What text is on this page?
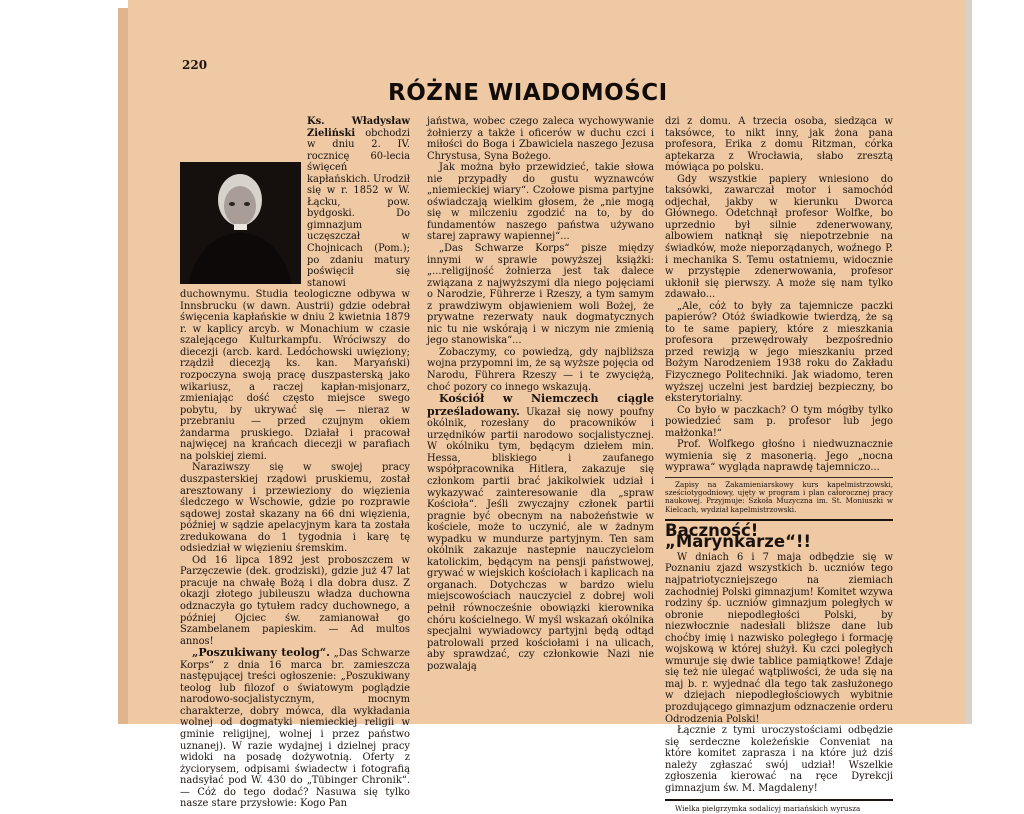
220
RÓŻNE WIADOMOŚCI

Ks. Władysław Zieliński obchodzi w dniu 2. IV. rocznicę 60-lecia święceń kapłańskich. Urodził się w r. 1852 w W. Łącku, pow. bydgoski. Do gimnazjum uczęszczał w Chojnicach (Pom.); po zdaniu matury poświęcił się stanowi duchownymu. Studia teologiczne odbywa w Innsbrucku (w dawn. Austrii) gdzie odebrał święcenia kapłańskie w dniu 2 kwietnia 1879 r. w kaplicy arcyb. w Monachium w czasie szalejącego Kulturkampfu. Wróciwszy do diecezji (arcb. kard. Ledóchowski uwięziony; rządził diecezją ks. kan. Maryański) rozpoczyna swoją pracę duszpasterską jako wikariusz, a raczej kapłan-misjonarz, zmieniając dość często miejsce swego pobytu, by ukrywać się — nieraz w przebraniu — przed czujnym okiem żandarma pruskiego. Działał i pracował najwięcej na krańcach diecezji w parafiach na polskiej ziemi.

Naraziwszy się w swojej pracy duszpasterskiej rządowi pruskiemu, został aresztowany i przewieziony do więzienia śledczego w Wschowie, gdzie po rozprawie sądowej został skazany na 66 dni więzienia, później w sądzie apelacyjnym kara ta została zredukowana do 1 tygodnia i karę tę odsiedział w więzieniu śremskim.

Od 16 lipca 1892 jest proboszczem w Parzęczewie (dek. grodziski), gdzie już 47 lat pracuje na chwałę Bożą i dla dobra dusz. Z okazji złotego jubileuszu władza duchowna odznaczyła go tytułem radcy duchownego, a później Ojciec św. zamianował go Szambelanem papieskim. — Ad multos annos!

„Poszukiwany teolog“. „Das Schwarze Korps“ z dnia 16 marca br. zamieszcza następującej treści ogłoszenie: „Poszukiwany teolog lub filozof o światowym poglądzie narodowo-socjalistycznym, mocnym charakterze, dobry mówca, dla wykładania wolnej od dogmatyki niemieckiej religii w gminie religijnej, wolnej i przez państwo uznanej). W razie wydajnej i dzielnej pracy widoki na posadę dożywotnią. Oferty z życiorysem, odpisami świadectw i fotografią nadsyłać pod W. 430 do „Tübinger Chronik“. — Cóż do tego dodać? Nasuwa się tylko nasze stare przysłowie: Kogo Pan

jaństwa, wobec czego zaleca wychowywanie żołnierzy a także i oficerów w duchu czci i miłości do Boga i Zbawiciela naszego Jezusa Chrystusa, Syna Bożego.

Jak można było przewidzieć, takie słowa nie przypadły do gustu wyznawców „niemieckiej wiary“. Czołowe pisma partyjne oświadczają wielkim głosem, że „nie mogą się w milczeniu zgodzić na to, by do fundamentów naszego państwa używano starej zaprawy wapiennej“...

„Das Schwarze Korps“ pisze między innymi w sprawie powyższej książki: „...religijność żołnierza jest tak dalece związana z najwyższymi dla niego pojęciami o Narodzie, Führerze i Rzeszy, a tym samym z prawdziwym objawieniem woli Bożej, że prywatne rezerwaty nauk dogmatycznych nic tu nie wskórają i w niczym nie zmienią jego stanowiska“...

Zobaczymy, co powiedzą, gdy najbliższa wojna przypomni im, że są wyższe pojęcia od Narodu, Führera Rzeszy — i te zwyciężą, choć pozory co innego wskazują.

Kościół w Niemczech ciągle prześladowany. Ukazał się nowy poufny okólnik, rozesłany do pracowników i urzędników partii narodowo socjalistycznej. W okólniku tym, będącym dziełem min. Hessa, bliskiego i zaufanego współpracownika Hitlera, zakazuje się członkom partii brać jakikolwiek udział i wykazywać zainteresowanie dla „spraw Kościoła“. Jeśli zwyczajny członek partii pragnie być obecnym na nabożeństwie w kościele, może to uczynić, ale w żadnym wypadku w mundurze partyjnym. Ten sam okólnik zakazuje nastepnie nauczycielom katolickim, będącym na pensji państwowej, grywać w wiejskich kościołach i kaplicach na organach. Dotychczas w bardzo wielu miejscowościach nauczyciel z dobrej woli pełnił równocześnie obowiązki kierownika chóru kościelnego. W myśl wskazań okólnika specjalni wywiadowcy partyjni będą odtąd patrolowali przed kościołami i na ulicach, aby sprawdzać, czy członkowie Nazi nie pozwalają

dzi z domu. A trzecia osoba, siedząca w taksówce, to nikt inny, jak żona pana profesora, Erika z domu Ritzman, córka aptekarza z Wrocławia, słabo zresztą mówiąca po polsku.

Gdy wszystkie papiery wniesiono do taksówki, zawarczał motor i samochód odjechał, jakby w kierunku Dworca Głównego. Odetchnął profesor Wolfke, bo uprzednio był silnie zdenerwowany, albowiem natknął się niepotrzebnie na świadków, może nieporządanych, woźnego P. i mechanika S. Temu ostatniemu, widocznie w przystępie zdenerwowania, profesor ukłonił się pierwszy. A może się nam tylko zdawało...

„Ale, cóż to były za tajemnicze paczki papierów? Otóż świadkowie twierdzą, że są to te same papiery, które z mieszkania profesora przewędrowały bezpośrednio przed rewizją w jego mieszkaniu przed Bożym Narodzeniem 1938 roku do Zakładu Fizycznego Politechniki. Jak wiadomo, teren wyższej uczelni jest bardziej bezpieczny, bo eksterytorialny.

Co było w paczkach? O tym mógłby tylko powiedzieć sam p. profesor lub jego małżonka!“

Prof. Wolfkego głośno i niedwuznacznie wymienia się z masonerią. Jego „nocna wyprawa“ wygląda naprawdę tajemniczo...

Zapisy na Zakamieniarskowy kurs kapelmistrzowski, sześciotygodniowy, ujęty w program i plan całorocznej pracy naukowej. Przyjmuje: Szkoła Muzyczna im. St. Moniuszki w Kielcach, wydział kapelmistrzowski.

Baczność! „Marynkarze“!!

W dniach 6 i 7 maja odbędzie się w Poznaniu zjazd wszystkich b. uczniów tego najpatriotyczniejszego na ziemiach zachodniej Polski gimnazjum! Komitet wzywa rodziny śp. uczniów gimnazjum poległych w obronie niepodległości Polski, by niezwłocznie nadesłali bliższe dane lub choćby imię i nazwisko poległego i formację wojskową w której służył. Ku czci poległych wmuruje się dwie tablice pamiątkowe! Zdaje się też nie ulegać wątpliwości, że uda się na maj b. r. wyjednać dla tego tak zasłużonego w dziejach niepodległościowych wybitnie prozdującego gimnazjum odznaczenie orderu Odrodzenia Polski!

Łącznie z tymi uroczystościami odbędzie się serdeczne koleżeńskie Conveniat na które komitet zaprasza i na które już dziś należy zgłaszać swój udział! Wszelkie zgłoszenia kierować na ręce Dyrekcji gimnazjum św. M. Magdaleny!

Wielka pielgrzymka sodalicyj mariańskich wyrusza
